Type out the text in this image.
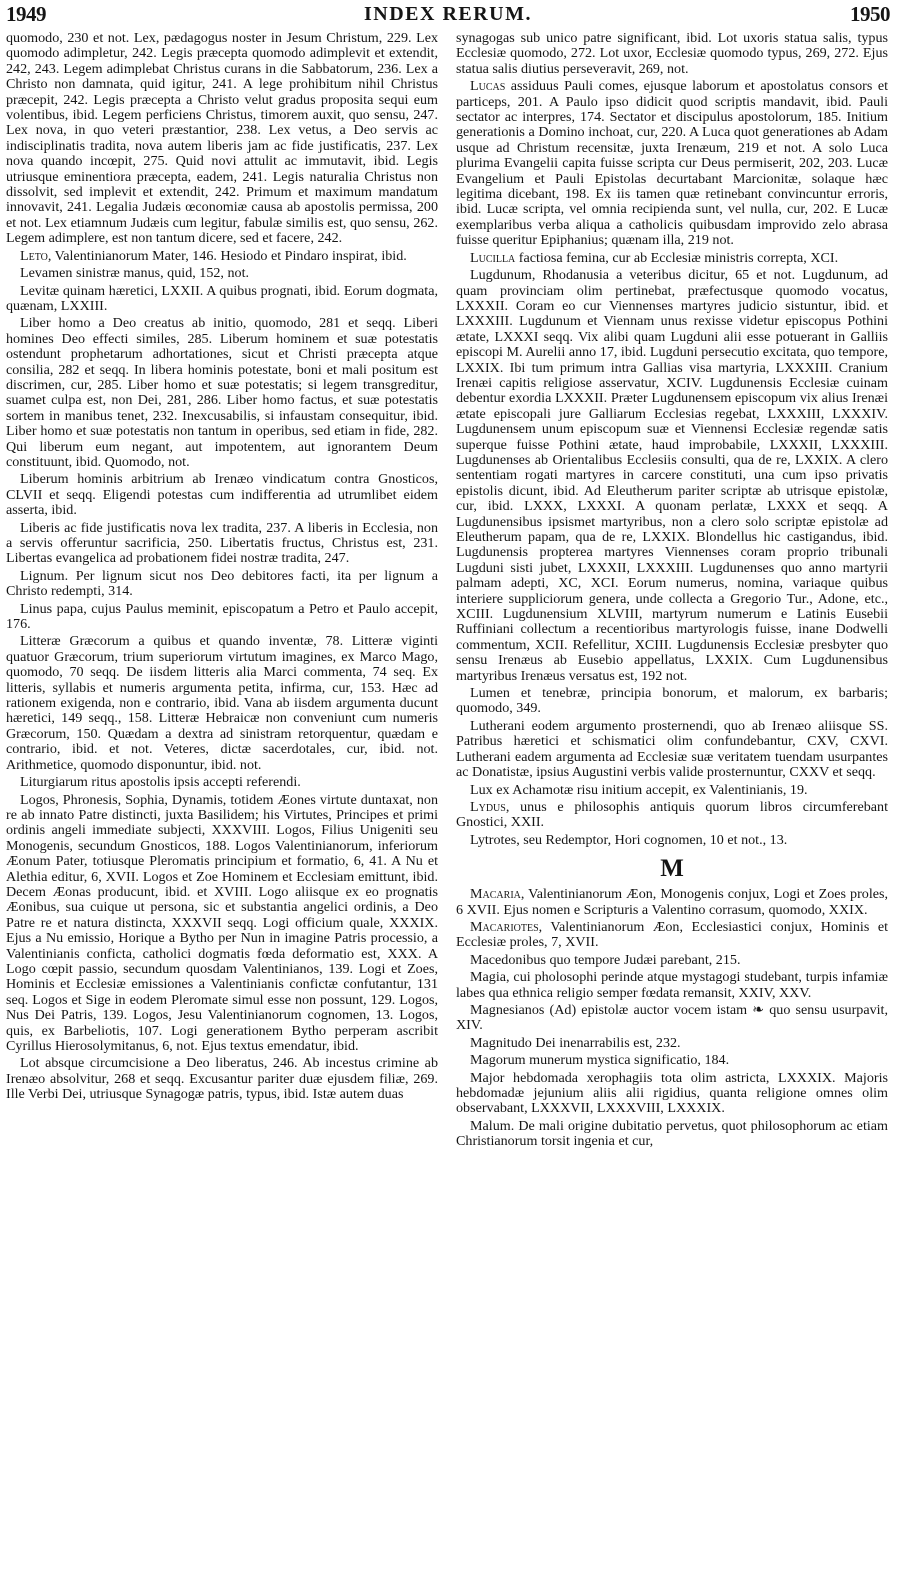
1949	INDEX RERUM.	1950

quomodo, 230 et not. Lex, pædagogus noster in Jesum Christum, 229. Lex quomodo adimpletur, 242. Legis præcepta quomodo adimplevit et extendit, 242, 243. Legem adimplebat Christus curans in die Sabbatorum, 236. Lex a Christo non damnata, quid igitur, 241. A lege prohibitum nihil Christus præcepit, 242. Legis præcepta a Christo velut gradus proposita sequi eum volentibus, ibid. Legem perficiens Christus, timorem auxit, quo sensu, 247. Lex nova, in quo veteri præstantior, 238. Lex vetus, a Deo servis ac indisciplinatis tradita, nova autem liberis jam ac fide justificatis, 237. Lex nova quando incœpit, 275. Quid novi attulit ac immutavit, ibid. Legis utriusque eminentiora præcepta, eadem, 241. Legis naturalia Christus non dissolvit, sed implevit et extendit, 242. Primum et maximum mandatum innovavit, 241. Legalia Judæis œconomiæ causa ab apostolis permissa, 200 et not. Lex etiamnum Judæis cum legitur, fabulæ similis est, quo sensu, 262. Legem adimplere, est non tantum dicere, sed et facere, 242.

Leto, Valentinianorum Mater, 146. Hesiodo et Pindaro inspirat, ibid.

Levamen sinistræ manus, quid, 152, not.

Levitæ quinam hæretici, LXXII. A quibus prognati, ibid. Eorum dogmata, quænam, LXXIII.

Liber homo a Deo creatus ab initio, quomodo, 281 et seqq. Liberi homines Deo effecti similes, 285. Liberum hominem et suæ potestatis ostendunt prophetarum adhortationes, sicut et Christi præcepta atque consilia, 282 et seqq. In libera hominis potestate, boni et mali positum est discrimen, cur, 285. Liber homo et suæ potestatis; si legem transgreditur, suamet culpa est, non Dei, 281, 286. Liber homo factus, et suæ potestatis sortem in manibus tenet, 232. Inexcusabilis, si infaustam consequitur, ibid. Liber homo et suæ potestatis non tantum in operibus, sed etiam in fide, 282. Qui liberum eum negant, aut impotentem, aut ignorantem Deum constituunt, ibid. Quomodo, not.

Liberum hominis arbitrium ab Irenæo vindicatum contra Gnosticos, CLVII et seqq. Eligendi potestas cum indifferentia ad utrumlibet eidem asserta, ibid.

Liberis ac fide justificatis nova lex tradita, 237. A liberis in Ecclesia, non a servis offeruntur sacrificia, 250. Libertatis fructus, Christus est, 231. Libertas evangelica ad probationem fidei nostræ tradita, 247.

Lignum. Per lignum sicut nos Deo debitores facti, ita per lignum a Christo redempti, 314.

Linus papa, cujus Paulus meminit, episcopatum a Petro et Paulo accepit, 176.

Litteræ Græcorum a quibus et quando inventæ, 78. Litteræ viginti quatuor Græcorum, trium superiorum virtutum imagines, ex Marco Mago, quomodo, 70 seqq. De iisdem litteris alia Marci commenta, 74 seq. Ex litteris, syllabis et numeris argumenta petita, infirma, cur, 153. Hæc ad rationem exigenda, non e contrario, ibid. Vana ab iisdem argumenta ducunt hæretici, 149 seqq., 158. Litteræ Hebraicæ non conveniunt cum numeris Græcorum, 150. Quædam a dextra ad sinistram retorquentur, quædam e contrario, ibid. et not. Veteres, dictæ sacerdotales, cur, ibid. not. Arithmetice, quomodo disponuntur, ibid. not.

Liturgiarum ritus apostolis ipsis accepti referendi.

Logos, Phronesis, Sophia, Dynamis, totidem Æones virtute duntaxat, non re ab innato Patre distincti, juxta Basilidem; his Virtutes, Principes et primi ordinis angeli immediate subjecti, XXXVIII. Logos, Filius Unigeniti seu Monogenis, secundum Gnosticos, 188. Logos Valentinianorum, inferiorum Æonum Pater, totiusque Pleromatis principium et formatio, 6, 41. A Nu et Alethia editur, 6, XVII. Logos et Zoe Hominem et Ecclesiam emittunt, ibid. Decem Æonas producunt, ibid. et XVIII. Logo aliisque ex eo prognatis Æonibus, sua cuique ut persona, sic et substantia angelici ordinis, a Deo Patre re et natura distincta, XXXVII seqq. Logi officium quale, XXXIX. Ejus a Nu emissio, Horique a Bytho per Nun in imagine Patris processio, a Valentinianis conficta, catholici dogmatis fœda deformatio est, XXX. A Logo cœpit passio, secundum quosdam Valentinianos, 139. Logi et Zoes, Hominis et Ecclesiæ emissiones a Valentinianis confictæ confutantur, 131 seq. Logos et Sige in eodem Pleromate simul esse non possunt, 129. Logos, Nus Dei Patris, 139. Logos, Jesu Valentinianorum cognomen, 13. Logos, quis, ex Barbeliotis, 107. Logi generationem Bytho perperam ascribit Cyrillus Hierosolymitanus, 6, not. Ejus textus emendatur, ibid.

Lot absque circumcisione a Deo liberatus, 246. Ab incestus crimine ab Irenæo absolvitur, 268 et seqq. Excusantur pariter duæ ejusdem filiæ, 269. Ille Verbi Dei, utriusque Synagogæ patris, typus, ibid. Istæ autem duas

synagogas sub unico patre significant, ibid. Lot uxoris statua salis, typus Ecclesiæ quomodo, 272. Lot uxor, Ecclesiæ quomodo typus, 269, 272. Ejus statua salis diutius perseveravit, 269, not.

Lucas assiduus Pauli comes, ejusque laborum et apostolatus consors et particeps, 201. A Paulo ipso didicit quod scriptis mandavit, ibid. Pauli sectator ac interpres, 174. Sectator et discipulus apostolorum, 185. Initium generationis a Domino inchoat, cur, 220. A Luca quot generationes ab Adam usque ad Christum recensitæ, juxta Irenæum, 219 et not. A solo Luca plurima Evangelii capita fuisse scripta cur Deus permiserit, 202, 203. Lucæ Evangelium et Pauli Epistolas decurtabant Marcionitæ, solaque hæc legitima dicebant, 198. Ex iis tamen quæ retinebant convincuntur erroris, ibid. Lucæ scripta, vel omnia recipienda sunt, vel nulla, cur, 202. E Lucæ exemplaribus verba aliqua a catholicis quibusdam improvido zelo abrasa fuisse queritur Epiphanius; quænam illa, 219 not.

Lucilla factiosa femina, cur ab Ecclesiæ ministris correpta, XCI.

Lugdunum, Rhodanusia a veteribus dicitur, 65 et not. Lugdunum, ad quam provinciam olim pertinebat, præfectusque quomodo vocatus, LXXXII. Coram eo cur Viennenses martyres judicio sistuntur, ibid. et LXXXIII. Lugdunum et Viennam unus rexisse videtur episcopus Pothini ætate, LXXXI seqq. Vix alibi quam Lugduni alii esse potuerant in Galliis episcopi M. Aurelii anno 17, ibid. Lugduni persecutio excitata, quo tempore, LXXIX. Ibi tum primum intra Gallias visa martyria, LXXXIII. Cranium Irenæi capitis religiose asservatur, XCIV. Lugdunensis Ecclesiæ cuinam debentur exordia LXXXII. Præter Lugdunensem episcopum vix alius Irenæi ætate episcopali jure Galliarum Ecclesias regebat, LXXXIII, LXXXIV. Lugdunensem unum episcopum suæ et Viennensi Ecclesiæ regendæ satis superque fuisse Pothini ætate, haud improbabile, LXXXII, LXXXIII. Lugdunenses ab Orientalibus Ecclesiis consulti, qua de re, LXXIX. A clero sententiam rogati martyres in carcere constituti, una cum ipso privatis epistolis dicunt, ibid. Ad Eleutherum pariter scriptæ ab utrisque epistolæ, cur, ibid. LXXX, LXXXI. A quonam perlatæ, LXXX et seqq. A Lugdunensibus ipsismet martyribus, non a clero solo scriptæ epistolæ ad Eleutherum papam, qua de re, LXXIX. Blondellus hic castigandus, ibid. Lugdunensis propterea martyres Viennenses coram proprio tribunali Lugduni sisti jubet, LXXXII, LXXXIII. Lugdunenses quo anno martyrii palmam adepti, XC, XCI. Eorum numerus, nomina, variaque quibus interiere suppliciorum genera, unde collecta a Gregorio Tur., Adone, etc., XCIII. Lugdunensium XLVIII, martyrum numerum e Latinis Eusebii Ruffiniani collectum a recentioribus martyrologis fuisse, inane Dodwelli commentum, XCII. Refellitur, XCIII. Lugdunensis Ecclesiæ presbyter quo sensu Irenæus ab Eusebio appellatus, LXXIX. Cum Lugdunensibus martyribus Irenæus versatus est, 192 not.

Lumen et tenebræ, principia bonorum, et malorum, ex barbaris; quomodo, 349.

Lutherani eodem argumento prosternendi, quo ab Irenæo aliisque SS. Patribus hæretici et schismatici olim confundebantur, CXV, CXVI. Lutherani eadem argumenta ad Ecclesiæ suæ veritatem tuendam usurpantes ac Donatistæ, ipsius Augustini verbis valide prosternuntur, CXXV et seqq.

Lux ex Achamotæ risu initium accepit, ex Valentinianis, 19.

Lydus, unus e philosophis antiquis quorum libros circumferebant Gnostici, XXII.

Lytrotes, seu Redemptor, Hori cognomen, 10 et not., 13.

M

Macaria, Valentinianorum Æon, Monogenis conjux, Logi et Zoes proles, 6 XVII. Ejus nomen e Scripturis a Valentino corrasum, quomodo, XXIX.

Macariotes, Valentinianorum Æon, Ecclesiastici conjux, Hominis et Ecclesiæ proles, 7, XVII.

Macedonibus quo tempore Judæi parebant, 215.

Magia, cui pholosophi perinde atque mystagogi studebant, turpis infamiæ labes qua ethnica religio semper fœdata remansit, XXIV, XXV.

Magnesianos (Ad) epistolæ auctor vocem istam ❧ quo sensu usurpavit, XIV.

Magnitudo Dei inenarrabilis est, 232.

Magorum munerum mystica significatio, 184.

Major hebdomada xerophagiis tota olim astricta, LXXXIX. Majoris hebdomadæ jejunium aliis alii rigidius, quanta religione omnes olim observabant, LXXXVII, LXXXVIII, LXXXIX.

Malum. De mali origine dubitatio pervetus, quot philosophorum ac etiam Christianorum torsit ingenia et cur,
